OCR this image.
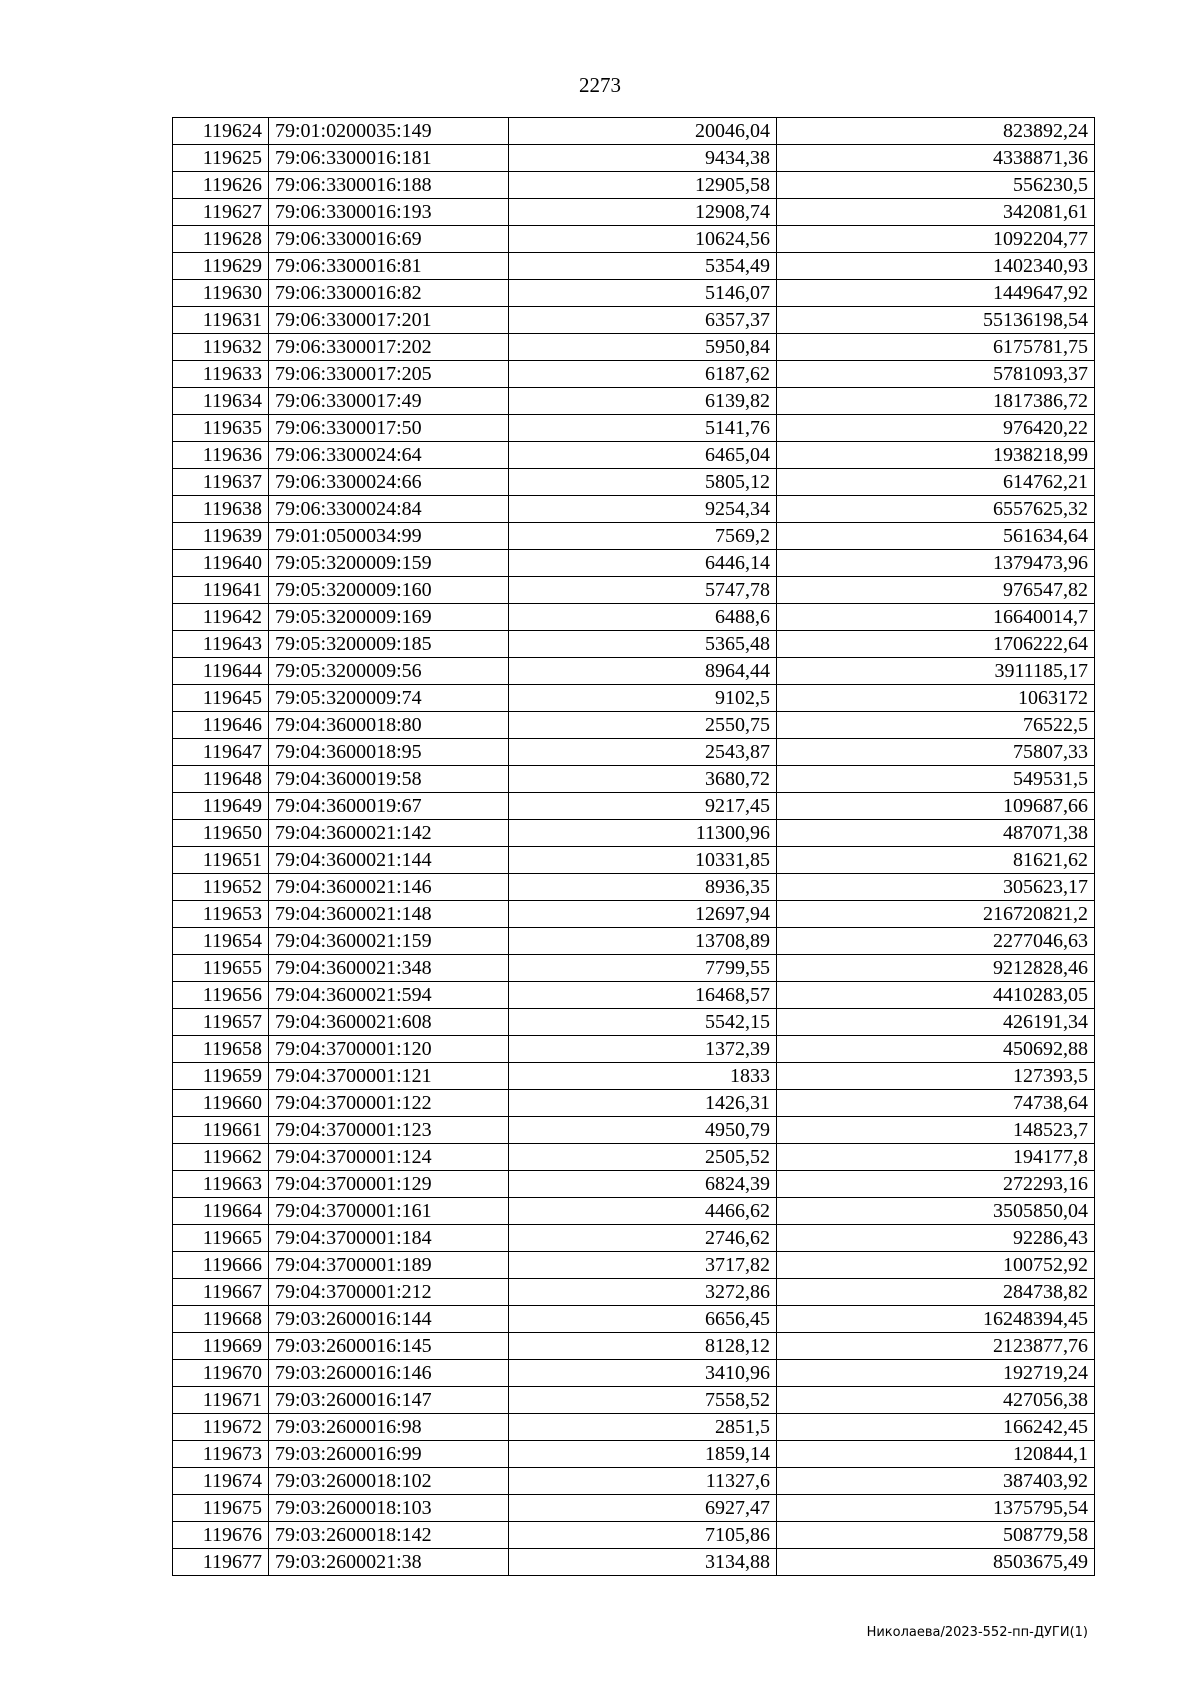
2273
119624	79:01:0200035:149	20046,04	823892,24
119625	79:06:3300016:181	9434,38	4338871,36
119626	79:06:3300016:188	12905,58	556230,5
119627	79:06:3300016:193	12908,74	342081,61
119628	79:06:3300016:69	10624,56	1092204,77
119629	79:06:3300016:81	5354,49	1402340,93
119630	79:06:3300016:82	5146,07	1449647,92
119631	79:06:3300017:201	6357,37	55136198,54
119632	79:06:3300017:202	5950,84	6175781,75
119633	79:06:3300017:205	6187,62	5781093,37
119634	79:06:3300017:49	6139,82	1817386,72
119635	79:06:3300017:50	5141,76	976420,22
119636	79:06:3300024:64	6465,04	1938218,99
119637	79:06:3300024:66	5805,12	614762,21
119638	79:06:3300024:84	9254,34	6557625,32
119639	79:01:0500034:99	7569,2	561634,64
119640	79:05:3200009:159	6446,14	1379473,96
119641	79:05:3200009:160	5747,78	976547,82
119642	79:05:3200009:169	6488,6	16640014,7
119643	79:05:3200009:185	5365,48	1706222,64
119644	79:05:3200009:56	8964,44	3911185,17
119645	79:05:3200009:74	9102,5	1063172
119646	79:04:3600018:80	2550,75	76522,5
119647	79:04:3600018:95	2543,87	75807,33
119648	79:04:3600019:58	3680,72	549531,5
119649	79:04:3600019:67	9217,45	109687,66
119650	79:04:3600021:142	11300,96	487071,38
119651	79:04:3600021:144	10331,85	81621,62
119652	79:04:3600021:146	8936,35	305623,17
119653	79:04:3600021:148	12697,94	216720821,2
119654	79:04:3600021:159	13708,89	2277046,63
119655	79:04:3600021:348	7799,55	9212828,46
119656	79:04:3600021:594	16468,57	4410283,05
119657	79:04:3600021:608	5542,15	426191,34
119658	79:04:3700001:120	1372,39	450692,88
119659	79:04:3700001:121	1833	127393,5
119660	79:04:3700001:122	1426,31	74738,64
119661	79:04:3700001:123	4950,79	148523,7
119662	79:04:3700001:124	2505,52	194177,8
119663	79:04:3700001:129	6824,39	272293,16
119664	79:04:3700001:161	4466,62	3505850,04
119665	79:04:3700001:184	2746,62	92286,43
119666	79:04:3700001:189	3717,82	100752,92
119667	79:04:3700001:212	3272,86	284738,82
119668	79:03:2600016:144	6656,45	16248394,45
119669	79:03:2600016:145	8128,12	2123877,76
119670	79:03:2600016:146	3410,96	192719,24
119671	79:03:2600016:147	7558,52	427056,38
119672	79:03:2600016:98	2851,5	166242,45
119673	79:03:2600016:99	1859,14	120844,1
119674	79:03:2600018:102	11327,6	387403,92
119675	79:03:2600018:103	6927,47	1375795,54
119676	79:03:2600018:142	7105,86	508779,58
119677	79:03:2600021:38	3134,88	8503675,49
Николаева/2023-552-пп-ДУГИ(1)
